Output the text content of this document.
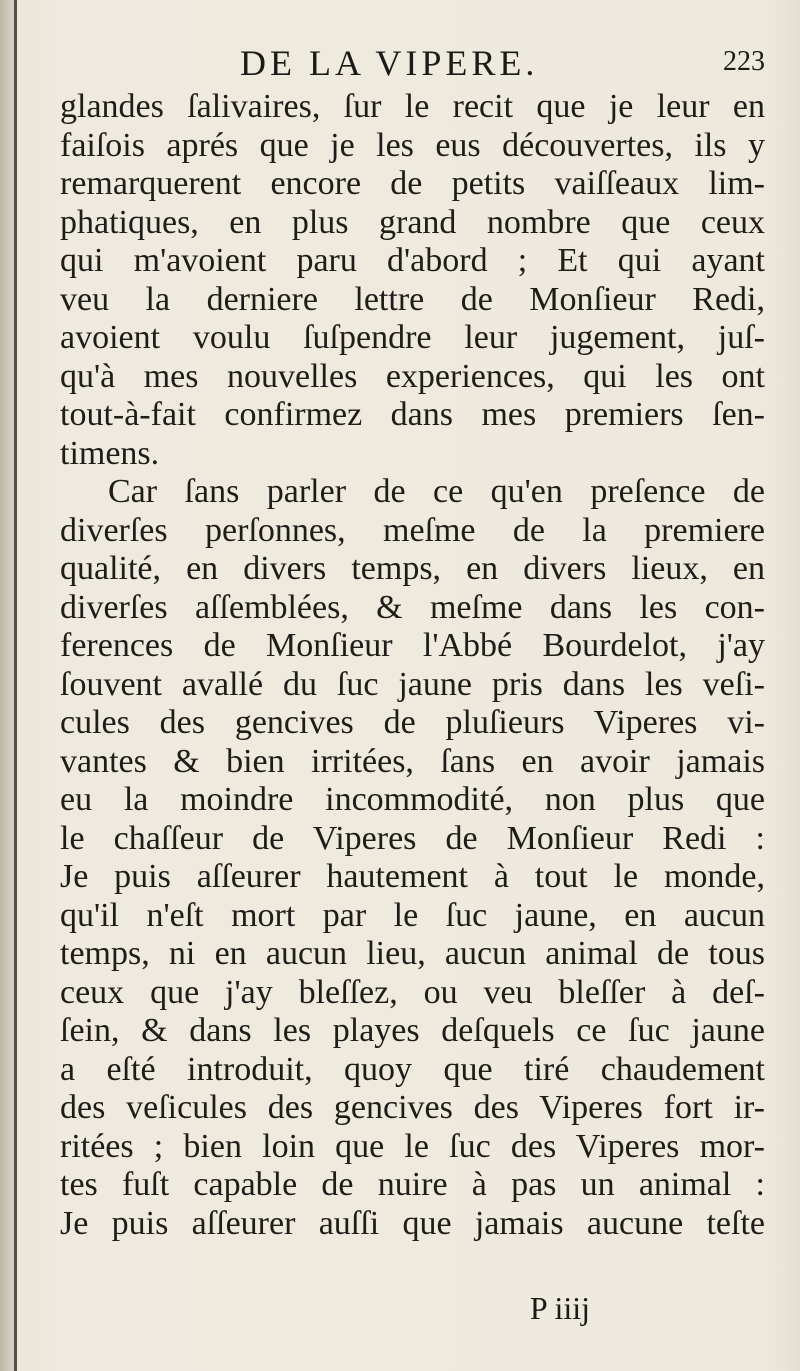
DE LA VIPERE.	223
glandes ſalivaires, ſur le recit que je leur en
faiſois aprés que je les eus découvertes, ils y
remarquerent encore de petits vaiſſeaux lim-
phatiques, en plus grand nombre que ceux
qui m'avoient paru d'abord ; Et qui ayant
veu la derniere lettre de Monſieur Redi,
avoient voulu ſuſpendre leur jugement, juſ-
qu'à mes nouvelles experiences, qui les ont
tout-à-fait confirmez dans mes premiers ſen-
timens.
Car ſans parler de ce qu'en preſence de
diverſes perſonnes, meſme de la premiere
qualité, en divers temps, en divers lieux, en
diverſes aſſemblées, & meſme dans les con-
ferences de Monſieur l'Abbé Bourdelot, j'ay
ſouvent avallé du ſuc jaune pris dans les veſi-
cules des gencives de pluſieurs Viperes vi-
vantes & bien irritées, ſans en avoir jamais
eu la moindre incommodité, non plus que
le chaſſeur de Viperes de Monſieur Redi :
Je puis aſſeurer hautement à tout le monde,
qu'il n'eſt mort par le ſuc jaune, en aucun
temps, ni en aucun lieu, aucun animal de tous
ceux que j'ay bleſſez, ou veu bleſſer à deſ-
ſein, & dans les playes deſquels ce ſuc jaune
a eſté introduit, quoy que tiré chaudement
des veſicules des gencives des Viperes fort ir-
ritées ; bien loin que le ſuc des Viperes mor-
tes fuſt capable de nuire à pas un animal :
Je puis aſſeurer auſſi que jamais aucune teſte
P iiij
